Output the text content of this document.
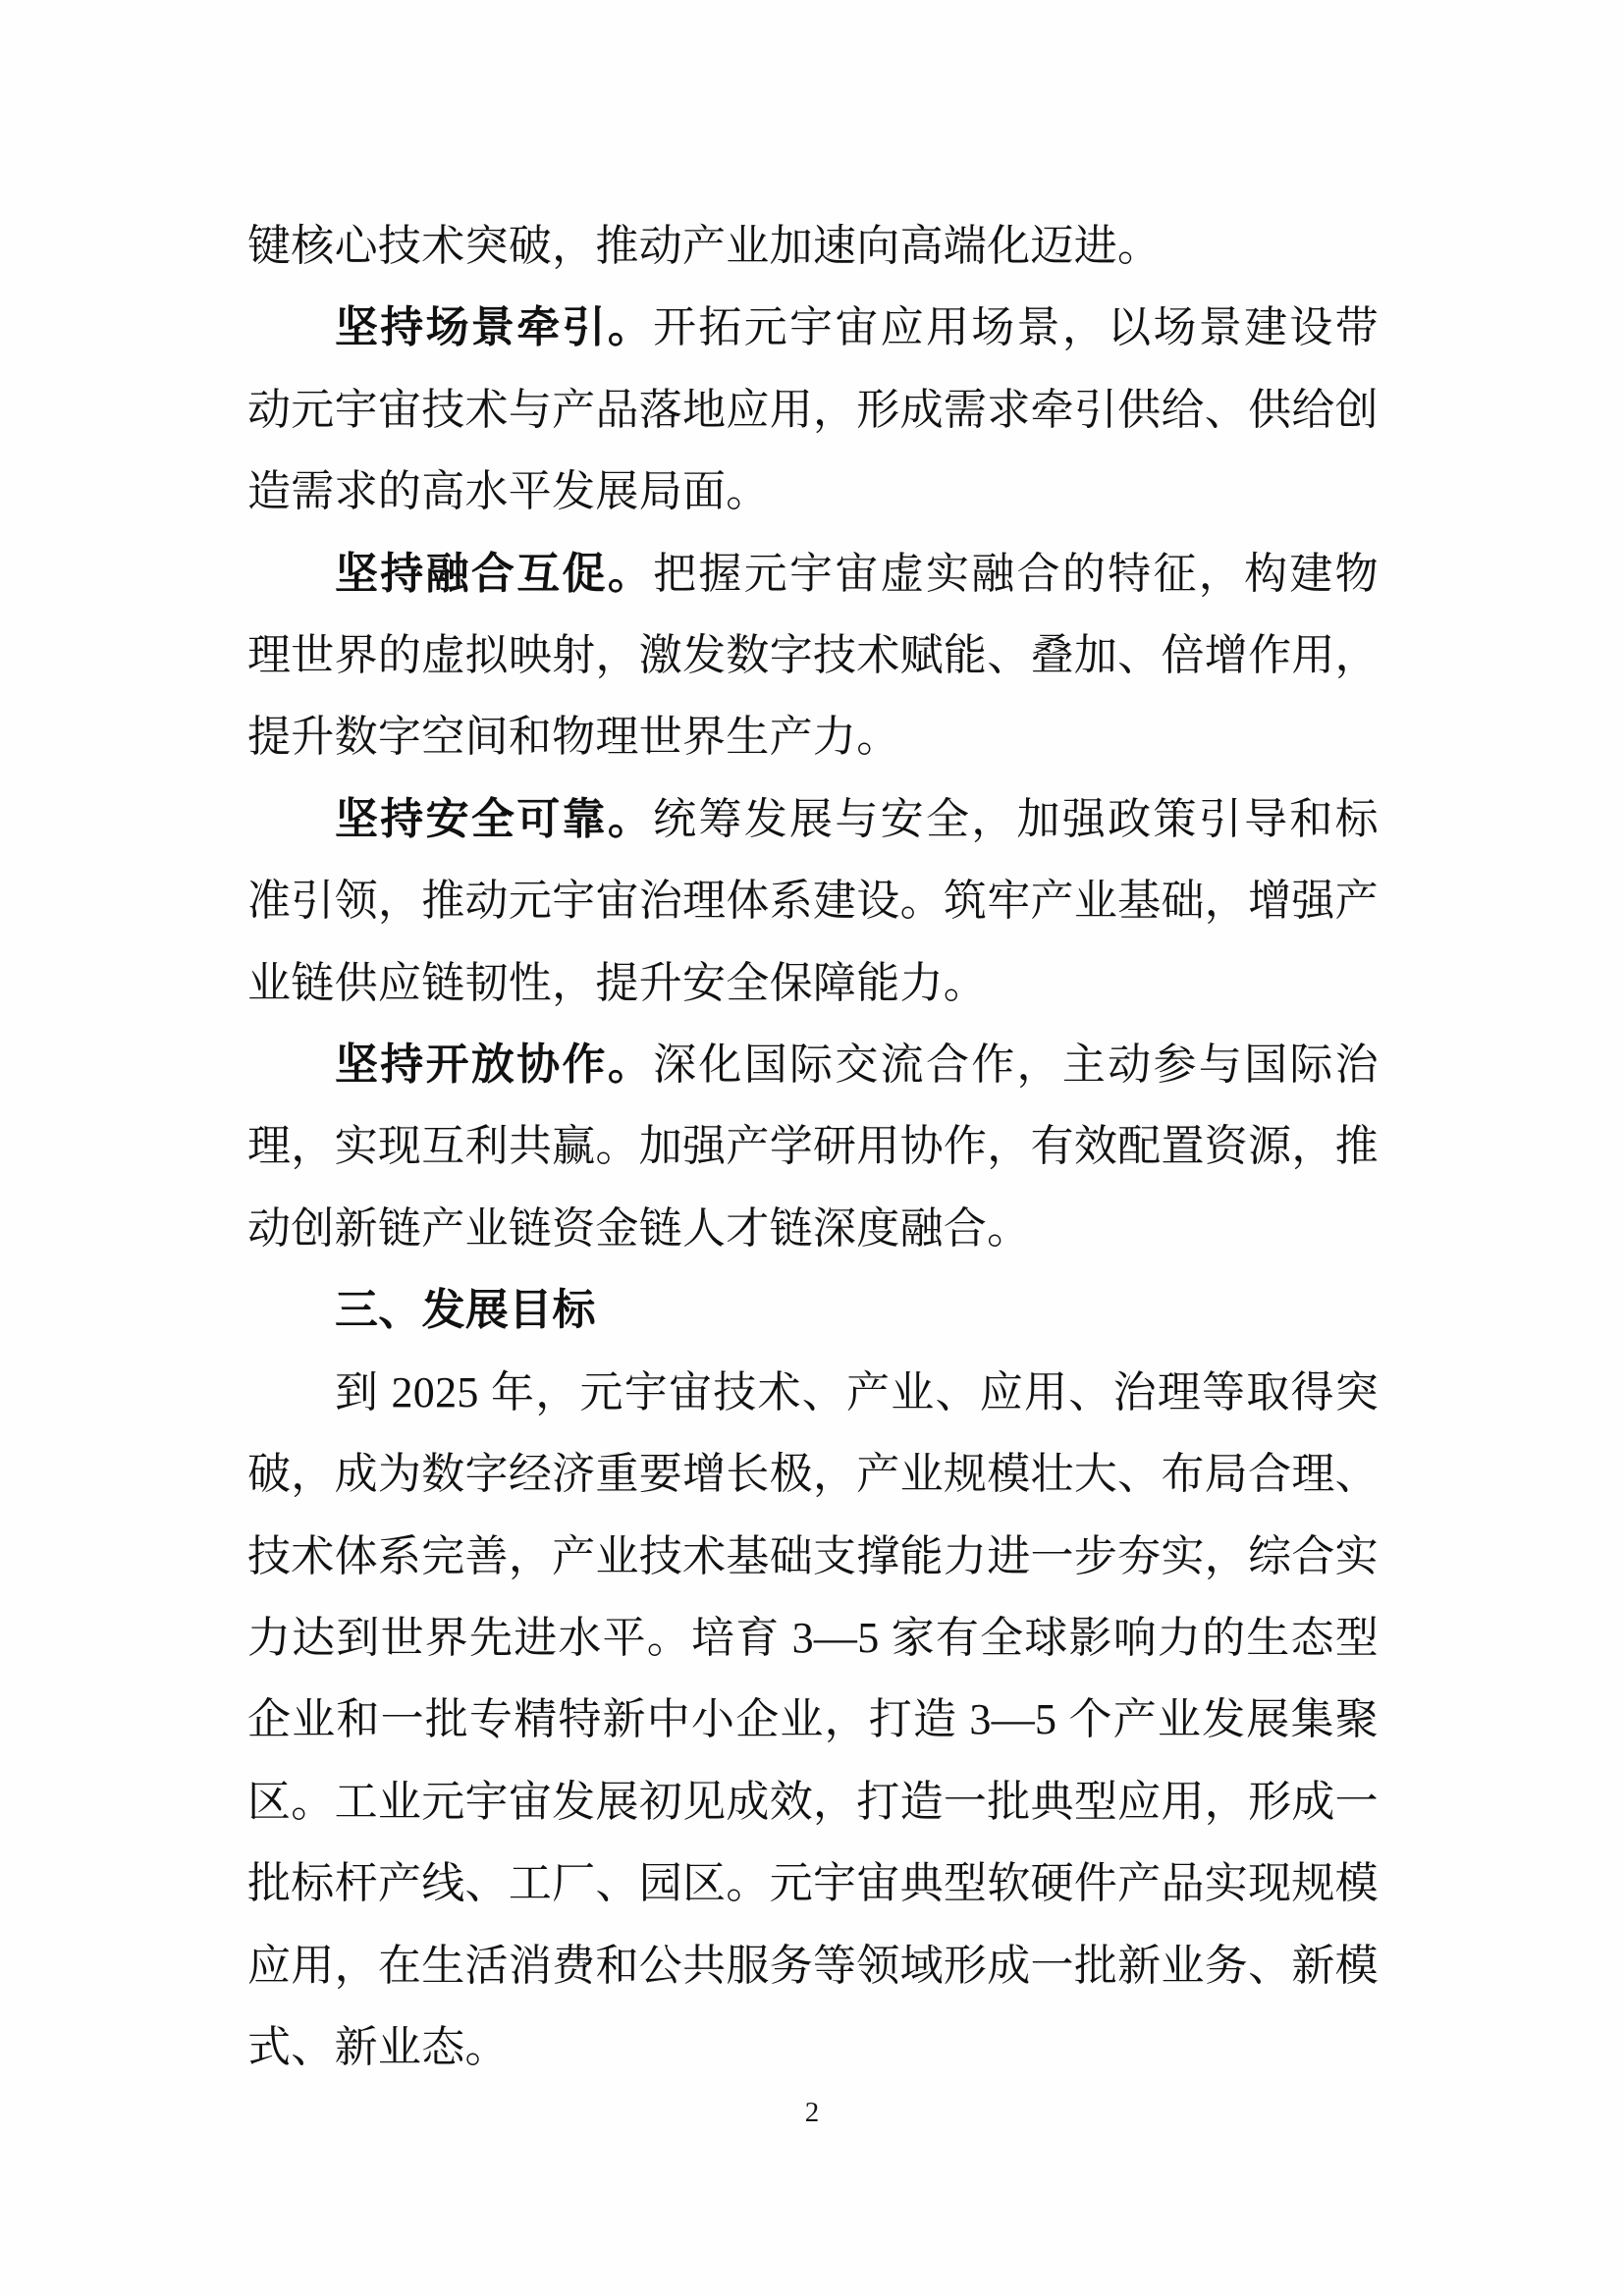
键核心技术突破，推动产业加速向高端化迈进。

坚持场景牵引。开拓元宇宙应用场景，以场景建设带动元宇宙技术与产品落地应用，形成需求牵引供给、供给创造需求的高水平发展局面。

坚持融合互促。把握元宇宙虚实融合的特征，构建物理世界的虚拟映射，激发数字技术赋能、叠加、倍增作用，提升数字空间和物理世界生产力。

坚持安全可靠。统筹发展与安全，加强政策引导和标准引领，推动元宇宙治理体系建设。筑牢产业基础，增强产业链供应链韧性，提升安全保障能力。

坚持开放协作。深化国际交流合作，主动参与国际治理，实现互利共赢。加强产学研用协作，有效配置资源，推动创新链产业链资金链人才链深度融合。

三、发展目标

到 2025 年，元宇宙技术、产业、应用、治理等取得突破，成为数字经济重要增长极，产业规模壮大、布局合理、技术体系完善，产业技术基础支撑能力进一步夯实，综合实力达到世界先进水平。培育 3—5 家有全球影响力的生态型企业和一批专精特新中小企业，打造 3—5 个产业发展集聚区。工业元宇宙发展初见成效，打造一批典型应用，形成一批标杆产线、工厂、园区。元宇宙典型软硬件产品实现规模应用，在生活消费和公共服务等领域形成一批新业务、新模式、新业态。

2
